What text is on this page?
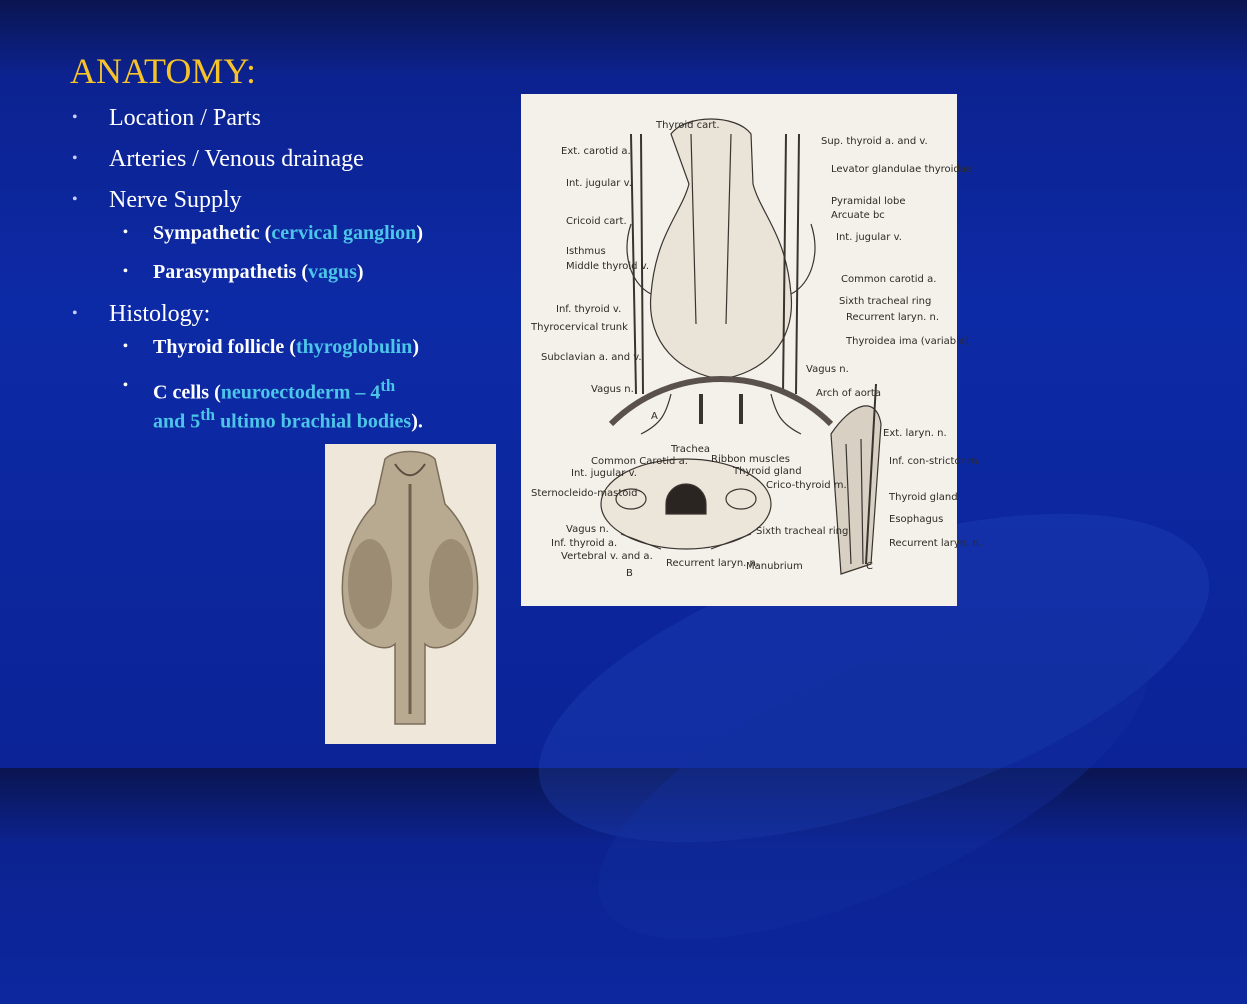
ANATOMY:
• Location / Parts
• Arteries / Venous drainage
• Nerve Supply
• Sympathetic (cervical ganglion)
• Parasympathetis (vagus)
• Histology:
• Thyroid follicle (thyroglobulin)
• C cells (neuroectoderm – 4th
and 5th ultimo brachial bodies).
Thyroid cart.
Ext. carotid a.
Int. jugular v.
Cricoid cart.
Isthmus
Middle thyroid v.
Inf. thyroid v.
Thyrocervical trunk
Subclavian a. and v.
Vagus n.
Sup. thyroid a. and v.
Levator glandulae thyroidae
Pyramidal lobe
Arcuate bc
Int. jugular v.
Common carotid a.
Sixth tracheal ring
Recurrent laryn. n.
Thyroidea ima (variable)
Vagus n.
Arch of aorta
A
Trachea
Common Carotid a.
Int. jugular v.
Ribbon muscles
Thyroid gland
Crico-thyroid m.
Sternocleido-mastoid
Vagus n.
Inf. thyroid a.
Vertebral v. and a.
Recurrent laryn. n.
Sixth tracheal ring
Manubrium
B
Ext. laryn. n.
Inf. con-strictor m.
Thyroid gland
Esophagus
Recurrent laryn. n.
C
